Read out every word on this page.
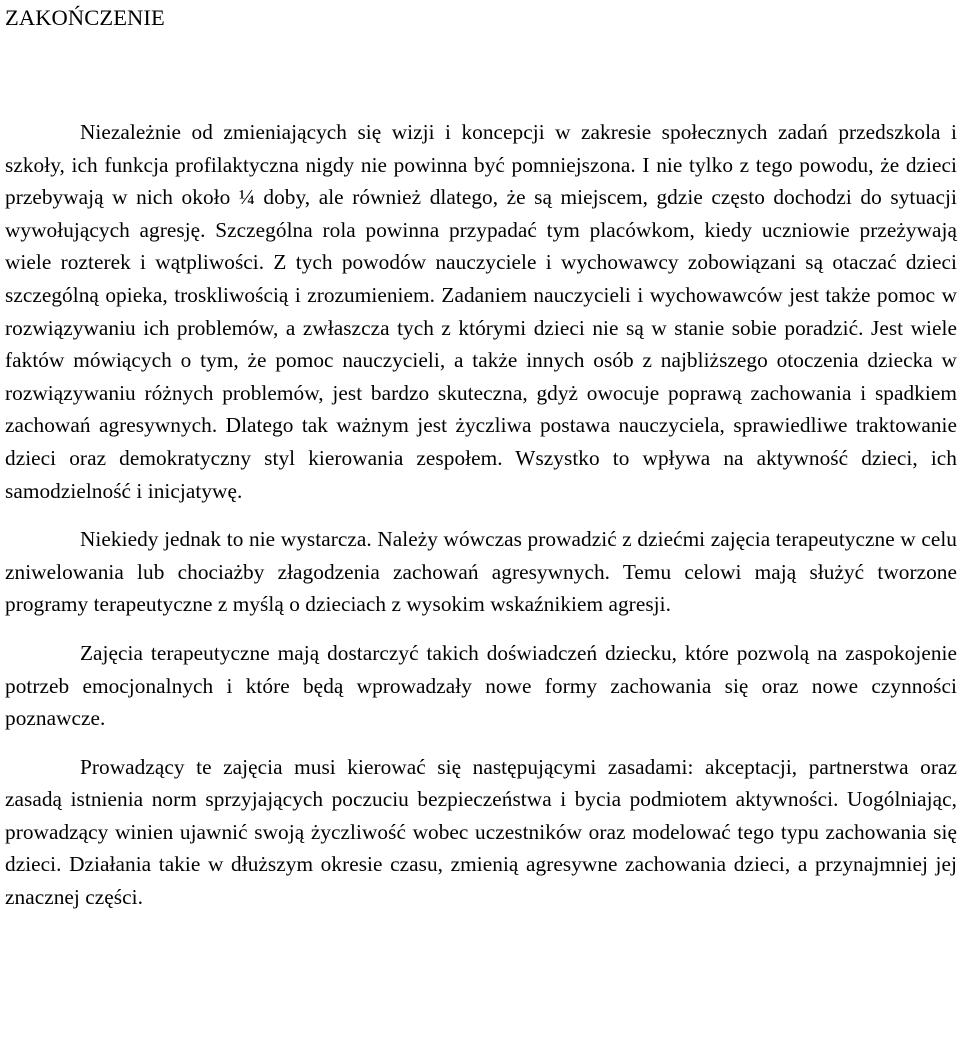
ZAKOŃCZENIE

Niezależnie od zmieniających się wizji i koncepcji w zakresie społecznych zadań przedszkola i szkoły, ich funkcja profilaktyczna nigdy nie powinna być pomniejszona. I nie tylko z tego powodu, że dzieci przebywają w nich około ¼ doby, ale również dlatego, że są miejscem, gdzie często dochodzi do sytuacji wywołujących agresję. Szczególna rola powinna przypadać tym placówkom, kiedy uczniowie przeżywają wiele rozterek i wątpliwości. Z tych powodów nauczyciele i wychowawcy zobowiązani są otaczać dzieci szczególną opieka, troskliwością i zrozumieniem. Zadaniem nauczycieli i wychowawców jest także pomoc w rozwiązywaniu ich problemów, a zwłaszcza tych z którymi dzieci nie są w stanie sobie poradzić. Jest wiele faktów mówiących o tym, że pomoc nauczycieli, a także innych osób z najbliższego otoczenia dziecka w rozwiązywaniu różnych problemów, jest bardzo skuteczna, gdyż owocuje poprawą zachowania i spadkiem zachowań agresywnych. Dlatego tak ważnym jest życzliwa postawa nauczyciela, sprawiedliwe traktowanie dzieci oraz demokratyczny styl kierowania zespołem. Wszystko to wpływa na aktywność dzieci, ich samodzielność i inicjatywę.

Niekiedy jednak to nie wystarcza. Należy wówczas prowadzić z dziećmi zajęcia terapeutyczne w celu zniwelowania lub chociażby złagodzenia zachowań agresywnych. Temu celowi mają służyć tworzone programy terapeutyczne z myślą o dzieciach z wysokim wskaźnikiem agresji.

Zajęcia terapeutyczne mają dostarczyć takich doświadczeń dziecku, które pozwolą na zaspokojenie potrzeb emocjonalnych i które będą wprowadzały nowe formy zachowania się oraz nowe czynności poznawcze.

Prowadzący te zajęcia musi kierować się następującymi zasadami: akceptacji, partnerstwa oraz zasadą istnienia norm sprzyjających poczuciu bezpieczeństwa i bycia podmiotem aktywności. Uogólniając, prowadzący winien ujawnić swoją życzliwość wobec uczestników oraz modelować tego typu zachowania się dzieci. Działania takie w dłuższym okresie czasu, zmienią agresywne zachowania dzieci, a przynajmniej jej znacznej części.
